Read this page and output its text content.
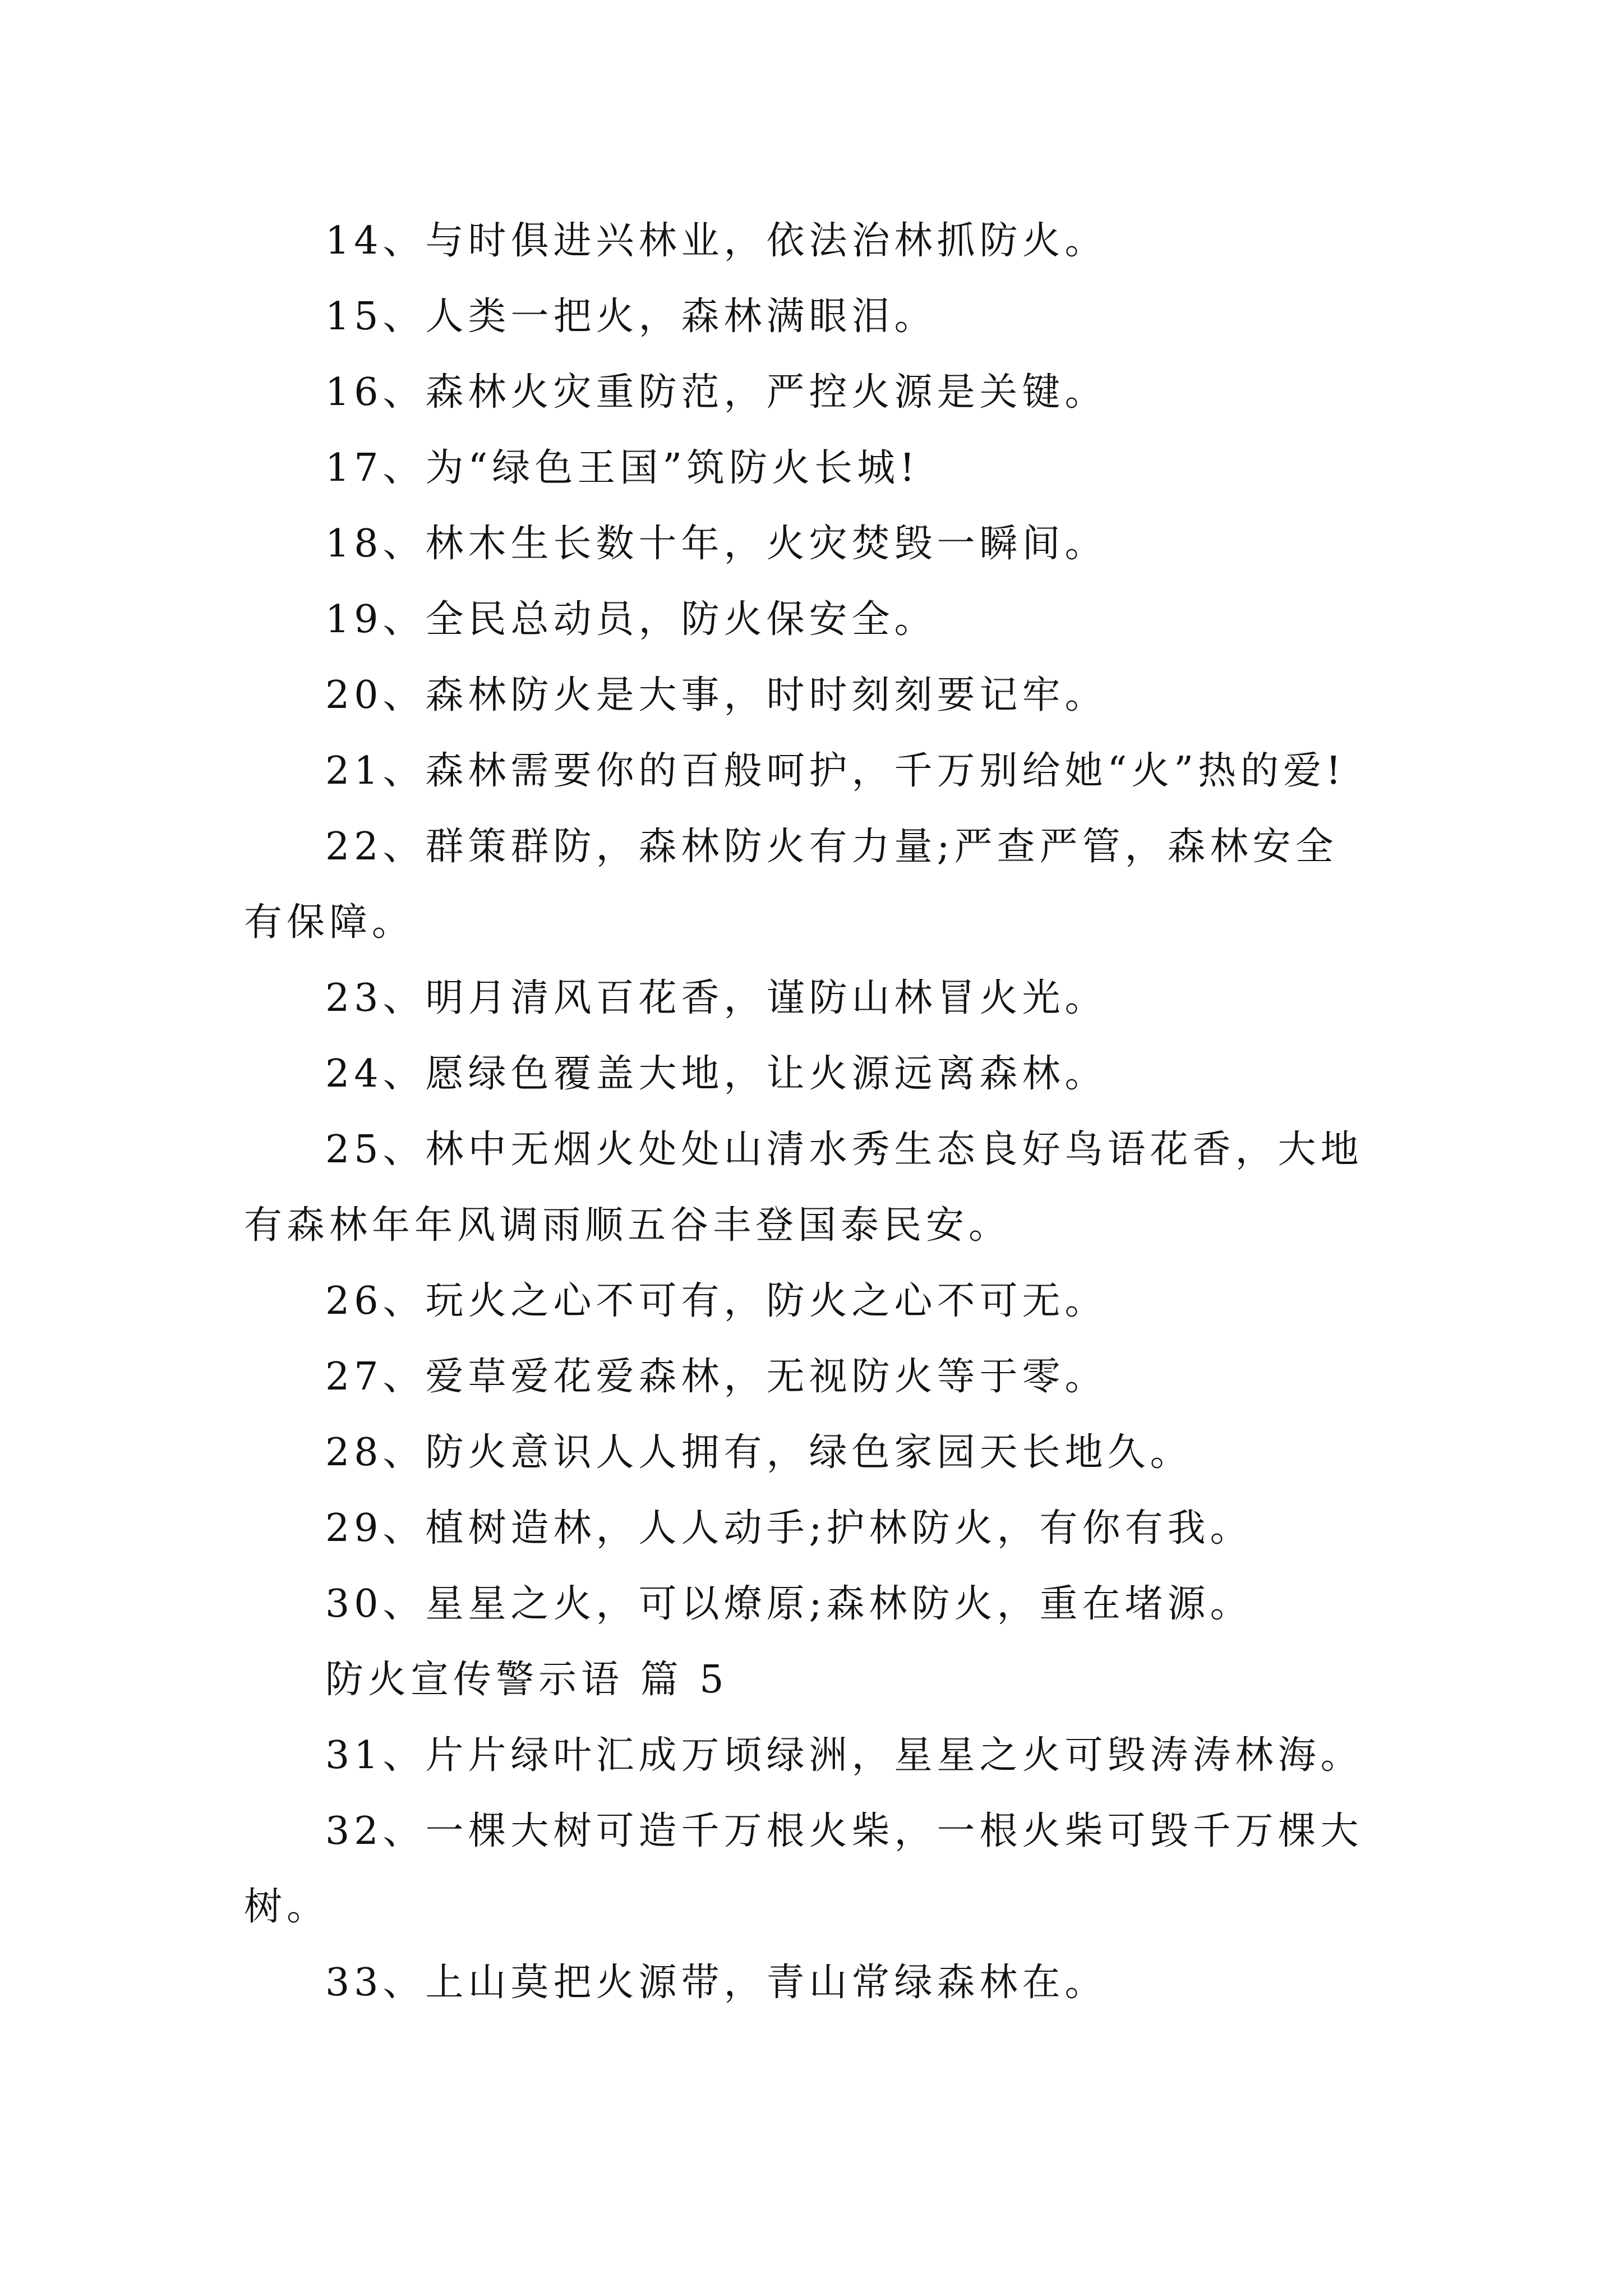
14、与时俱进兴林业，依法治林抓防火。
15、人类一把火，森林满眼泪。
16、森林火灾重防范，严控火源是关键。
17、为“绿色王国”筑防火长城!
18、林木生长数十年，火灾焚毁一瞬间。
19、全民总动员，防火保安全。
20、森林防火是大事，时时刻刻要记牢。
21、森林需要你的百般呵护，千万别给她“火”热的爱!
22、群策群防，森林防火有力量;严查严管，森林安全
有保障。
23、明月清风百花香，谨防山林冒火光。
24、愿绿色覆盖大地，让火源远离森林。
25、林中无烟火处处山清水秀生态良好鸟语花香，大地
有森林年年风调雨顺五谷丰登国泰民安。
26、玩火之心不可有，防火之心不可无。
27、爱草爱花爱森林，无视防火等于零。
28、防火意识人人拥有，绿色家园天长地久。
29、植树造林，人人动手;护林防火，有你有我。
30、星星之火，可以燎原;森林防火，重在堵源。
防火宣传警示语 篇 5
31、片片绿叶汇成万顷绿洲，星星之火可毁涛涛林海。
32、一棵大树可造千万根火柴，一根火柴可毁千万棵大
树。
33、上山莫把火源带，青山常绿森林在。
